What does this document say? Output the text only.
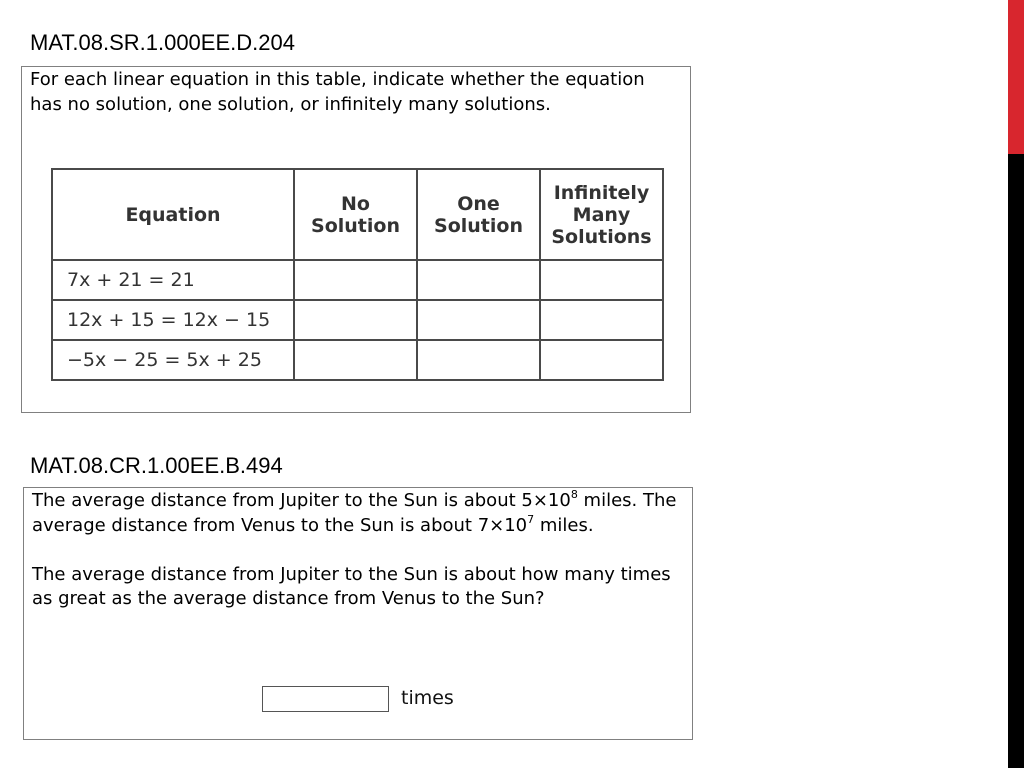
MAT.08.SR.1.000EE.D.204

For each linear equation in this table, indicate whether the equation has no solution, one solution, or infinitely many solutions.

Equation	No Solution	One Solution	Infinitely Many Solutions
7x + 21 = 21			
12x + 15 = 12x − 15			
−5x − 25 = 5x + 25			
MAT.08.CR.1.00EE.B.494

The average distance from Jupiter to the Sun is about $5\times 10^8$ miles. The average distance from Venus to the Sun is about $7\times 10^7$ miles.
The average distance from Jupiter to the Sun is about how many times as great as the average distance from Venus to the Sun?

times
